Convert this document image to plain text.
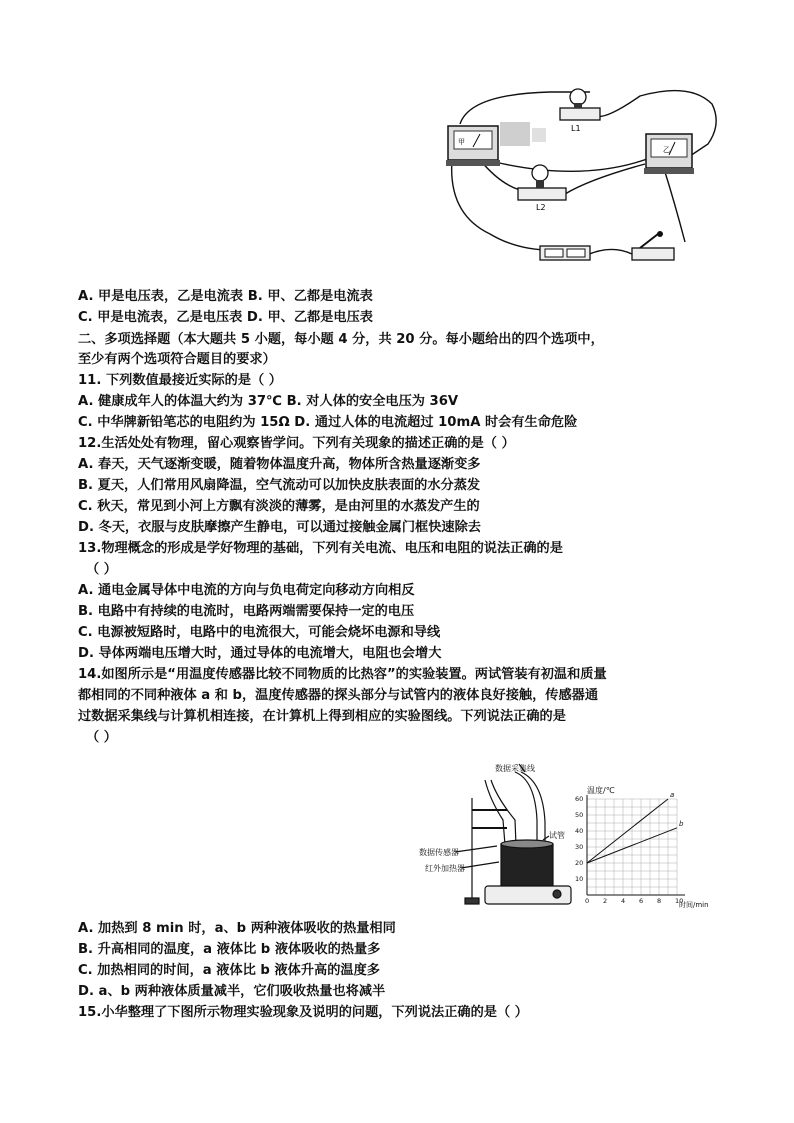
甲
L1
L2
乙
A. 甲是电压表，乙是电流表 B. 甲、乙都是电流表
C. 甲是电流表，乙是电压表 D. 甲、乙都是电压表
二、多项选择题（本大题共 5 小题，每小题 4 分，共 20 分。每小题给出的四个选项中，
至少有两个选项符合题目的要求）
11. 下列数值最接近实际的是（ ）
A. 健康成年人的体温大约为 37℃ B. 对人体的安全电压为 36V
C. 中华牌新铅笔芯的电阻约为 15Ω D. 通过人体的电流超过 10mA 时会有生命危险
12.生活处处有物理，留心观察皆学问。下列有关现象的描述正确的是（ ）
A. 春天，天气逐渐变暖，随着物体温度升高，物体所含热量逐渐变多
B. 夏天，人们常用风扇降温，空气流动可以加快皮肤表面的水分蒸发
C. 秋天，常见到小河上方飘有淡淡的薄雾，是由河里的水蒸发产生的
D. 冬天，衣服与皮肤摩擦产生静电，可以通过接触金属门框快速除去
13.物理概念的形成是学好物理的基础，下列有关电流、电压和电阻的说法正确的是
（ ）
A. 通电金属导体中电流的方向与负电荷定向移动方向相反
B. 电路中有持续的电流时，电路两端需要保持一定的电压
C. 电源被短路时，电路中的电流很大，可能会烧坏电源和导线
D. 导体两端电压增大时，通过导体的电流增大，电阻也会增大
14.如图所示是“用温度传感器比较不同物质的比热容”的实验装置。两试管装有初温和质量
都相同的不同种液体 a 和 b，温度传感器的探头部分与试管内的液体良好接触，传感器通
过数据采集线与计算机相连接，在计算机上得到相应的实验图线。下列说法正确的是
（ ）
数据采集线
试管
数据传感器
红外加热器
温度/℃
时间/min
0 2 4 6 8 10
10
20
30
40
50
60	a
b
A. 加热到 8 min 时，a、b 两种液体吸收的热量相同
B. 升高相同的温度，a 液体比 b 液体吸收的热量多
C. 加热相同的时间，a 液体比 b 液体升高的温度多
D. a、b 两种液体质量减半，它们吸收热量也将减半
15.小华整理了下图所示物理实验现象及说明的问题，下列说法正确的是（ ）
